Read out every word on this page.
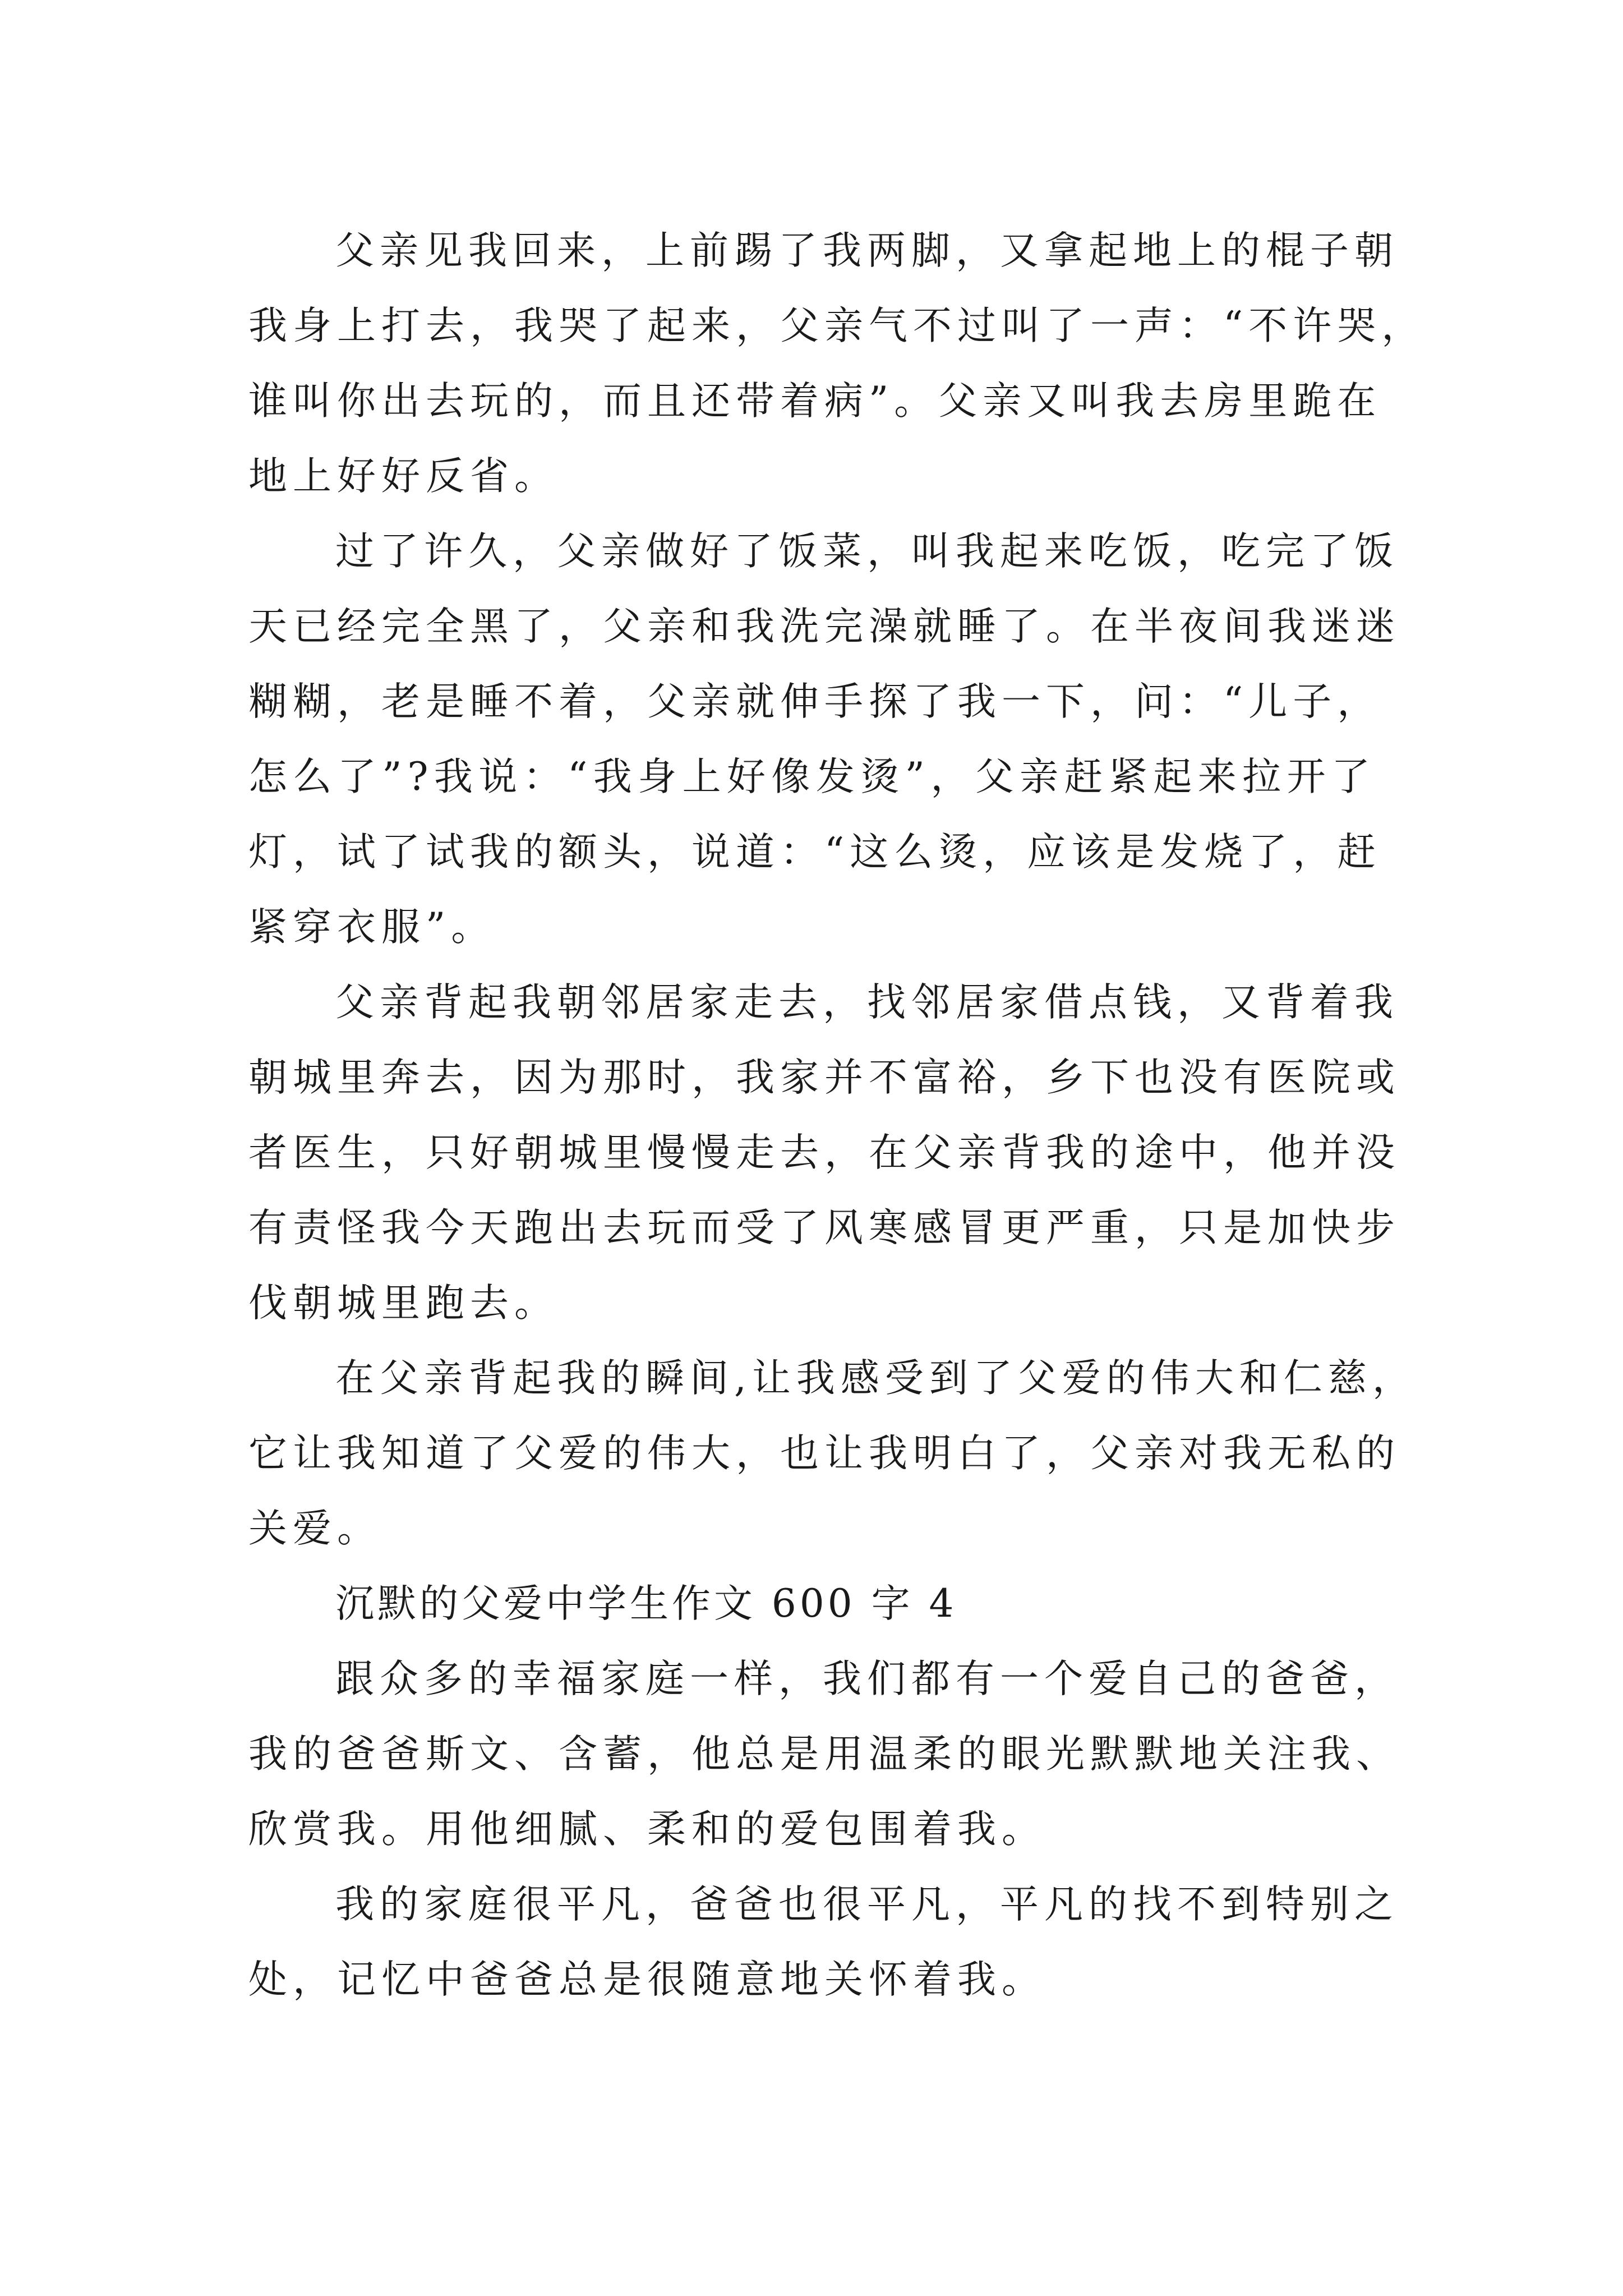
父亲见我回来，上前踢了我两脚，又拿起地上的棍子朝
我身上打去，我哭了起来，父亲气不过叫了一声：“不许哭，
谁叫你出去玩的，而且还带着病”。父亲又叫我去房里跪在
地上好好反省。
过了许久，父亲做好了饭菜，叫我起来吃饭，吃完了饭
天已经完全黑了，父亲和我洗完澡就睡了。在半夜间我迷迷
糊糊，老是睡不着，父亲就伸手探了我一下，问：“儿子，
怎么了”?我说：“我身上好像发烫”，父亲赶紧起来拉开了
灯，试了试我的额头，说道：“这么烫，应该是发烧了，赶
紧穿衣服”。
父亲背起我朝邻居家走去，找邻居家借点钱，又背着我
朝城里奔去，因为那时，我家并不富裕，乡下也没有医院或
者医生，只好朝城里慢慢走去，在父亲背我的途中，他并没
有责怪我今天跑出去玩而受了风寒感冒更严重，只是加快步
伐朝城里跑去。
在父亲背起我的瞬间,让我感受到了父爱的伟大和仁慈，
它让我知道了父爱的伟大，也让我明白了，父亲对我无私的
关爱。
沉默的父爱中学生作文 600 字 4
跟众多的幸福家庭一样，我们都有一个爱自己的爸爸，
我的爸爸斯文、含蓄，他总是用温柔的眼光默默地关注我、
欣赏我。用他细腻、柔和的爱包围着我。
我的家庭很平凡，爸爸也很平凡，平凡的找不到特别之
处，记忆中爸爸总是很随意地关怀着我。
